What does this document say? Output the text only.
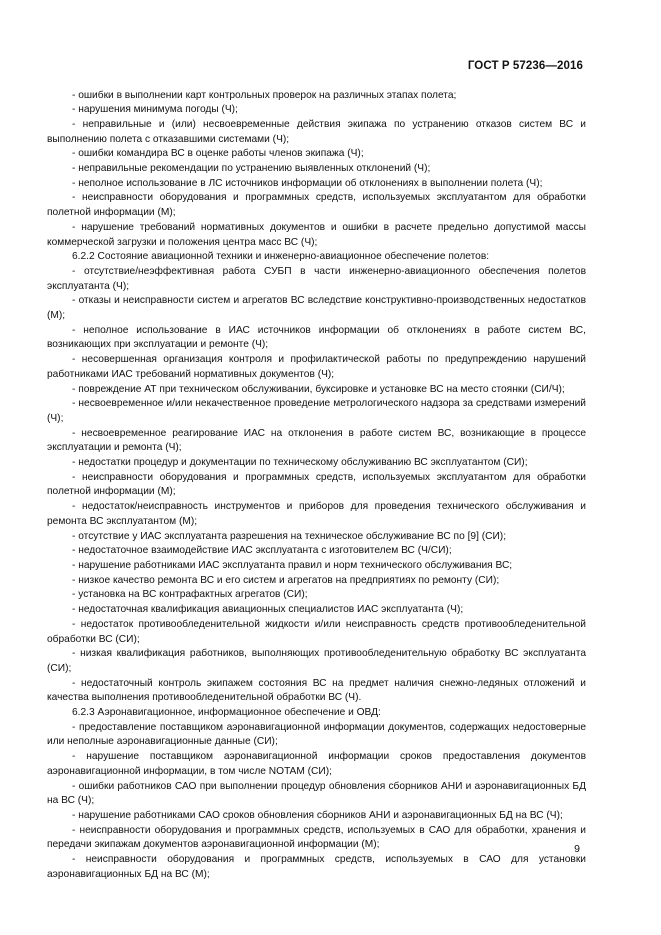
ГОСТ Р 57236—2016

- ошибки в выполнении карт контрольных проверок на различных этапах полета;

- нарушения минимума погоды (Ч);

- неправильные и (или) несвоевременные действия экипажа по устранению отказов систем ВС и выполнению полета с отказавшими системами (Ч);

- ошибки командира ВС в оценке работы членов экипажа (Ч);

- неправильные рекомендации по устранению выявленных отклонений (Ч);

- неполное использование в ЛС источников информации об отклонениях в выполнении полета (Ч);

- неисправности оборудования и программных средств, используемых эксплуатантом для обработки полетной информации (М);

- нарушение требований нормативных документов и ошибки в расчете предельно допустимой массы коммерческой загрузки и положения центра масс ВС (Ч);

6.2.2 Состояние авиационной техники и инженерно-авиационное обеспечение полетов:

- отсутствие/неэффективная работа СУБП в части инженерно-авиационного обеспечения полетов эксплуатанта (Ч);

- отказы и неисправности систем и агрегатов ВС вследствие конструктивно-производственных недостатков (М);

- неполное использование в ИАС источников информации об отклонениях в работе систем ВС, возникающих при эксплуатации и ремонте (Ч);

- несовершенная организация контроля и профилактической работы по предупреждению нарушений работниками ИАС требований нормативных документов (Ч);

- повреждение АТ при техническом обслуживании, буксировке и установке ВС на место стоянки (СИ/Ч);

- несвоевременное и/или некачественное проведение метрологического надзора за средствами измерений (Ч);

- несвоевременное реагирование ИАС на отклонения в работе систем ВС, возникающие в процессе эксплуатации и ремонта (Ч);

- недостатки процедур и документации по техническому обслуживанию ВС эксплуатантом (СИ);

- неисправности оборудования и программных средств, используемых эксплуатантом для обработки полетной информации (М);

- недостаток/неисправность инструментов и приборов для проведения технического обслуживания и ремонта ВС эксплуатантом (М);

- отсутствие у ИАС эксплуатанта разрешения на техническое обслуживание ВС по [9] (СИ);

- недостаточное взаимодействие ИАС эксплуатанта с изготовителем ВС (Ч/СИ);

- нарушение работниками ИАС эксплуатанта правил и норм технического обслуживания ВС;

- низкое качество ремонта ВС и его систем и агрегатов на предприятиях по ремонту (СИ);

- установка на ВС контрафактных агрегатов (СИ);

- недостаточная квалификация авиационных специалистов ИАС эксплуатанта (Ч);

- недостаток противообледенительной жидкости и/или неисправность средств противообледенительной обработки ВС (СИ);

- низкая квалификация работников, выполняющих противообледенительную обработку ВС эксплуатанта (СИ);

- недостаточный контроль экипажем состояния ВС на предмет наличия снежно-ледяных отложений и качества выполнения противообледенительной обработки ВС (Ч).

6.2.3 Аэронавигационное, информационное обеспечение и ОВД:

- предоставление поставщиком аэронавигационной информации документов, содержащих недостоверные или неполные аэронавигационные данные (СИ);

- нарушение поставщиком аэронавигационной информации сроков предоставления документов аэронавигационной информации, в том числе NOTAM (СИ);

- ошибки работников САО при выполнении процедур обновления сборников АНИ и аэронавигационных БД на ВС (Ч);

- нарушение работниками САО сроков обновления сборников АНИ и аэронавигационных БД на ВС (Ч);

- неисправности оборудования и программных средств, используемых в САО для обработки, хранения и передачи экипажам документов аэронавигационной информации (М);

- неисправности оборудования и программных средств, используемых в САО для установки аэронавигационных БД на ВС (М);

9
